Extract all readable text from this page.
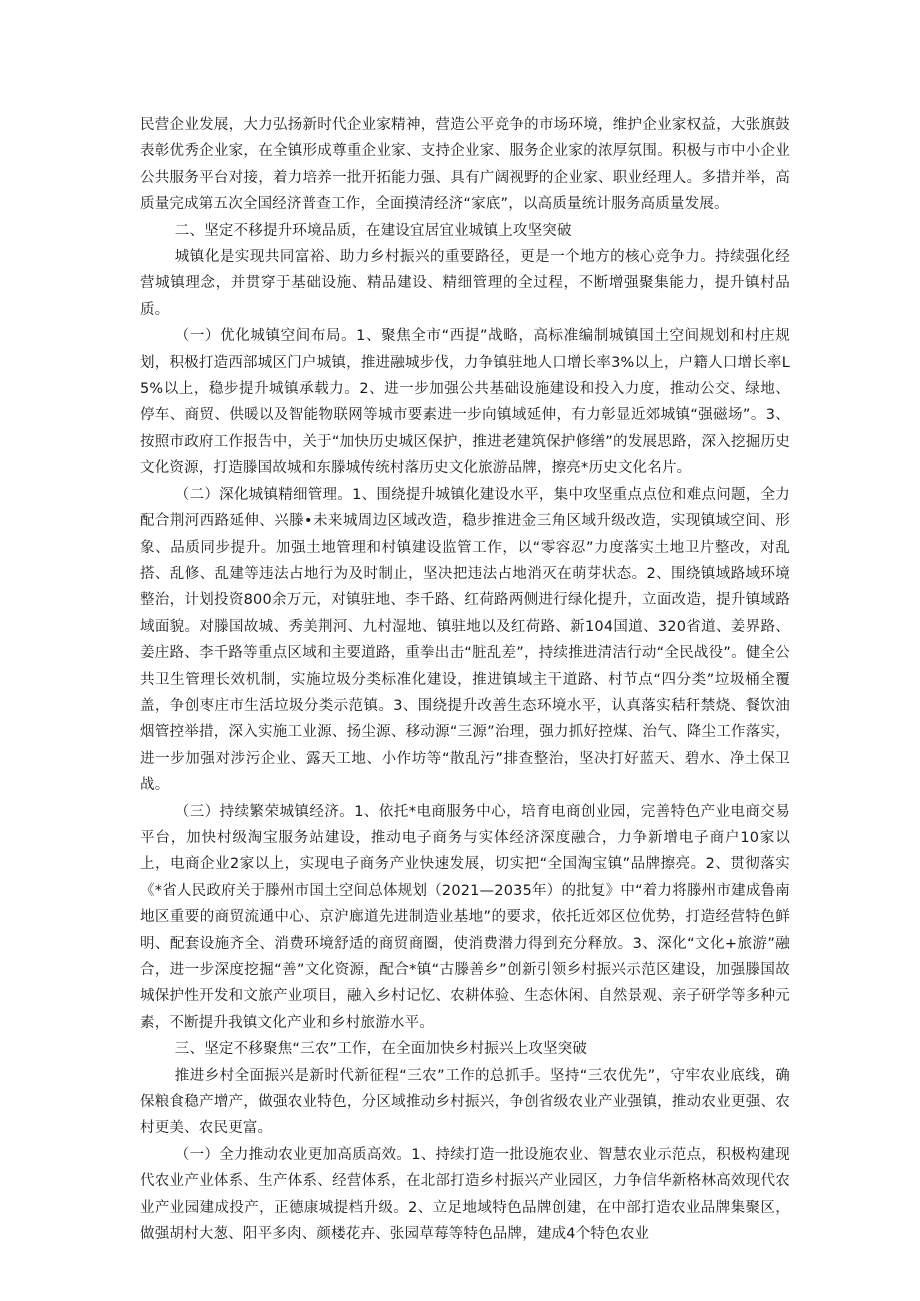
民营企业发展，大力弘扬新时代企业家精神，营造公平竞争的市场环境，维护企业家权益，大张旗鼓表彰优秀企业家，在全镇形成尊重企业家、支持企业家、服务企业家的浓厚氛围。积极与市中小企业公共服务平台对接，着力培养一批开拓能力强、具有广阔视野的企业家、职业经理人。多措并举，高质量完成第五次全国经济普查工作，全面摸清经济“家底”，以高质量统计服务高质量发展。

二、坚定不移提升环境品质，在建设宜居宜业城镇上攻坚突破

城镇化是实现共同富裕、助力乡村振兴的重要路径，更是一个地方的核心竞争力。持续强化经营城镇理念，并贯穿于基础设施、精品建设、精细管理的全过程，不断增强聚集能力，提升镇村品质。

（一）优化城镇空间布局。1、聚焦全市“西提”战略，高标准编制城镇国土空间规划和村庄规划，积极打造西部城区门户城镇，推进融城步伐，力争镇驻地人口增长率3%以上，户籍人口增长率L5%以上，稳步提升城镇承载力。2、进一步加强公共基础设施建设和投入力度，推动公交、绿地、停车、商贸、供暖以及智能物联网等城市要素进一步向镇域延伸，有力彰显近郊城镇“强磁场”。3、按照市政府工作报告中，关于“加快历史城区保护，推进老建筑保护修缮”的发展思路，深入挖掘历史文化资源，打造滕国故城和东滕城传统村落历史文化旅游品牌，擦亮*历史文化名片。

（二）深化城镇精细管理。1、围绕提升城镇化建设水平，集中攻坚重点点位和难点问题，全力配合荆河西路延伸、兴滕•未来城周边区域改造，稳步推进金三角区域升级改造，实现镇域空间、形象、品质同步提升。加强土地管理和村镇建设监管工作，以“零容忍”力度落实土地卫片整改，对乱搭、乱修、乱建等违法占地行为及时制止，坚决把违法占地消灭在萌芽状态。2、围绕镇域路域环境整治，计划投资800余万元，对镇驻地、李千路、红荷路两侧进行绿化提升，立面改造，提升镇域路域面貌。对滕国故城、秀美荆河、九村湿地、镇驻地以及红荷路、新104国道、320省道、姜界路、姜庄路、李千路等重点区域和主要道路，重拳出击“脏乱差”，持续推进清洁行动“全民战役”。健全公共卫生管理长效机制，实施垃圾分类标准化建设，推进镇域主干道路、村节点“四分类”垃圾桶全覆盖，争创枣庄市生活垃圾分类示范镇。3、围绕提升改善生态环境水平，认真落实秸秆禁烧、餐饮油烟管控举措，深入实施工业源、扬尘源、移动源“三源”治理，强力抓好控煤、治气、降尘工作落实，进一步加强对涉污企业、露天工地、小作坊等“散乱污”排查整治，坚决打好蓝天、碧水、净土保卫战。

（三）持续繁荣城镇经济。1、依托*电商服务中心，培育电商创业园，完善特色产业电商交易平台，加快村级淘宝服务站建设，推动电子商务与实体经济深度融合，力争新增电子商户10家以上，电商企业2家以上，实现电子商务产业快速发展，切实把“全国淘宝镇”品牌擦亮。2、贯彻落实《*省人民政府关于滕州市国土空间总体规划（2021—2035年）的批复》中“着力将滕州市建成鲁南地区重要的商贸流通中心、京沪廊道先进制造业基地”的要求，依托近郊区位优势，打造经营特色鲜明、配套设施齐全、消费环境舒适的商贸商圈，使消费潜力得到充分释放。3、深化“文化+旅游”融合，进一步深度挖掘“善”文化资源，配合*镇“古滕善乡”创新引领乡村振兴示范区建设，加强滕国故城保护性开发和文旅产业项目，融入乡村记忆、农耕体验、生态休闲、自然景观、亲子研学等多种元素，不断提升我镇文化产业和乡村旅游水平。

三、坚定不移聚焦“三农”工作，在全面加快乡村振兴上攻坚突破

推进乡村全面振兴是新时代新征程“三农”工作的总抓手。坚持“三农优先”，守牢农业底线，确保粮食稳产增产，做强农业特色，分区域推动乡村振兴，争创省级农业产业强镇，推动农业更强、农村更美、农民更富。

（一）全力推动农业更加高质高效。1、持续打造一批设施农业、智慧农业示范点，积极构建现代农业产业体系、生产体系、经营体系，在北部打造乡村振兴产业园区，力争信华新格林高效现代农业产业园建成投产，正德康城提档升级。2、立足地域特色品牌创建，在中部打造农业品牌集聚区，做强胡村大葱、阳平多肉、颜楼花卉、张园草莓等特色品牌，建成4个特色农业
